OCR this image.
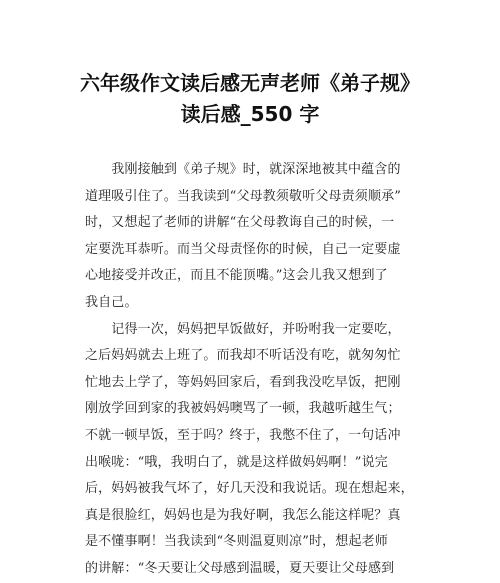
六年级作文读后感无声老师《弟子规》
读后感_550 字
　　我刚接触到《弟子规》时，就深深地被其中蕴含的
道理吸引住了。当我读到“父母教须敬听父母责须顺承”
时，又想起了老师的讲解“在父母教诲自己的时候，一
定要洗耳恭听。而当父母责怪你的时候，自己一定要虚
心地接受并改正，而且不能顶嘴。”这会儿我又想到了
我自己。
　　记得一次，妈妈把早饭做好，并吩咐我一定要吃，
之后妈妈就去上班了。而我却不听话没有吃，就匆匆忙
忙地去上学了，等妈妈回家后，看到我没吃早饭，把刚
刚放学回到家的我被妈妈噢骂了一顿，我越听越生气；
不就一顿早饭，至于吗？终于，我憋不住了，一句话冲
出喉咙：“哦，我明白了，就是这样做妈妈啊！”说完
后，妈妈被我气坏了，好几天没和我说话。现在想起来，
真是很脸红，妈妈也是为我好啊，我怎么能这样呢？真
是不懂事啊！当我读到“冬则温夏则凉”时，想起老师
的讲解：“冬天要让父母感到温暖，夏天要让父母感到
